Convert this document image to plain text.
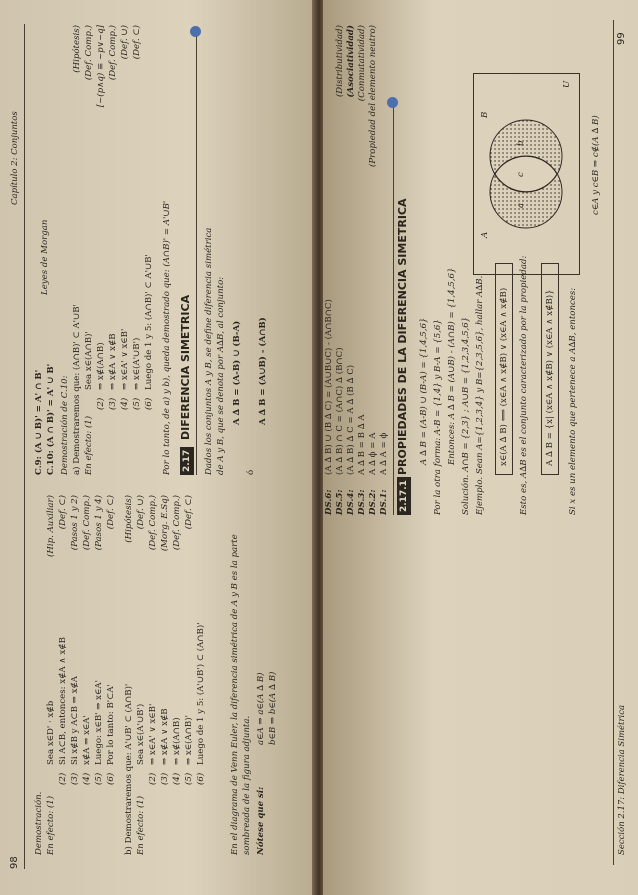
98
Capítulo 2: Conjuntos
Demostración. En efecto: (1)
Sea x∈D' · x∉b
(Hip. Auxiliar)
(2)
Si A⊂B, entonces: x∉A ∧ x∉B
(Def. ⊂)
(3)
Si x∉B y A⊂B ⇒ x∉A
(Pasos 1 y 2)
(4)
x∉A ⇒ x∈A'
(Def. Comp.)
(5)
Luego: x∈B' ⇒ x∈A'
(Pasos 1 y 4)
(6)
Por lo tanto: B'⊂A'
(Def. ⊂)
C.9: (A ∪ B)' = A' ∩ B' C.10: (A ∩ B)' = A' ∪ B'
Leyes de Morgan
Demostración de C.10: a) Demostraremos que: (A∩B)' ⊂ A'∪B'
(Hipótesis)
En efecto: (1)
Sea x∈(A∩B)'
(Def. Comp.)
(2)
⇒ x∉(A∩B)
[~(p∧q) ≡ ~p∨~q]
(3)
⇒ x∉A ∨ x∉B
(Def. Comp.)
(4)
⇒ x∈A' ∨ x∈B'
(Def. ∪)
(5)
⇒ x∈(A'∪B')
(Def. ⊂)
(6)
Luego de 1 y 5: (A∩B)' ⊂ A'∪B'
b) Demostraremos que: A'∪B' ⊂ (A∩B)'
(Hipótesis)
En efecto: (1)
Sea x∈(A'∪B')
(Def. ∪)
(2)
⇒ x∈A' ∨ x∈B'
(Def. Comp.)
(3)
⇒ x∉A ∨ x∉B
(Morg. E.Sq)
(4)
⇒ x∉(A∩B)
(Def. Comp.)
(5)
⇒ x∈(A∩B)'
(Def. ⊂)
(6)
Luego de 1 y 5: (A'∪B') ⊂ (A∩B)'
Por lo tanto, de a) y b), queda demostrado que: (A∩B)' = A'∪B' 2.17
DIFERENCIA SIMETRICA Dados los conjuntos A y B, se define diferencia simétrica de A y B, que se denota por A∆B, al conjunto: A ∆ B = (A-B) ∪ (B-A)
ó
A ∆ B = (A∪B) - (A∩B)
En el diagrama de Venn Euler, la diferencia simétrica de A y B es la parte sombreada de la figura adjunta. Nótese que si:
a∈A ⇒ a∈(A ∆ B) b∈B ⇒ b∈(A ∆ B)	Sección 2.17: Diferencia Simétrica
99
c∈A y c∈B ⇒ c∉(A ∆ B)
U
A
B
a
c
b
Si x es un elemento que pertenece a A∆B, entonces:
A ∆ B = {x| (x∈A ∧ x∉B) ∨ (x∈A ∧ x∉B)}
Esto es, A∆B es el conjunto caracterizado por la propiedad:
x∈(A ∆ B) ⟺ (x∈A ∧ x∉B) ∨ (x∈A ∧ x∉B)
Ejemplo. Sean A={1,2,3,4} y B={2,3,5,6}, hallar A∆B.
Solución. A∩B = {2,3} ; A∪B = {1,2,3,4,5,6}
Entonces: A ∆ B = (A∪B) - (A∩B) = {1,4,5,6}
Por la otra forma: A-B = {1,4} y B-A = {5,6}
A ∆ B = (A-B) ∪ (B-A) = {1,4,5,6}
2.17.1
PROPIEDADES DE LA DIFERENCIA SIMETRICA
DS.1:
A ∆ A = ϕ
DS.2:
A ∆ ϕ = A
(Propiedad del elemento neutro)
DS.3:
A ∆ B = B ∆ A
(Conmutatividad)
DS.4:
(A ∆ B) ∆ C = A ∆ (B ∆ C)
(Asociatividad)
DS.5:
(A ∆ B) ∩ C = (A∩C) ∆ (B∩C)
(Distributividad)
DS.6:
(A ∆ B) ∪ (B ∆ C) = (A∪B∪C) - (A∩B∩C)
